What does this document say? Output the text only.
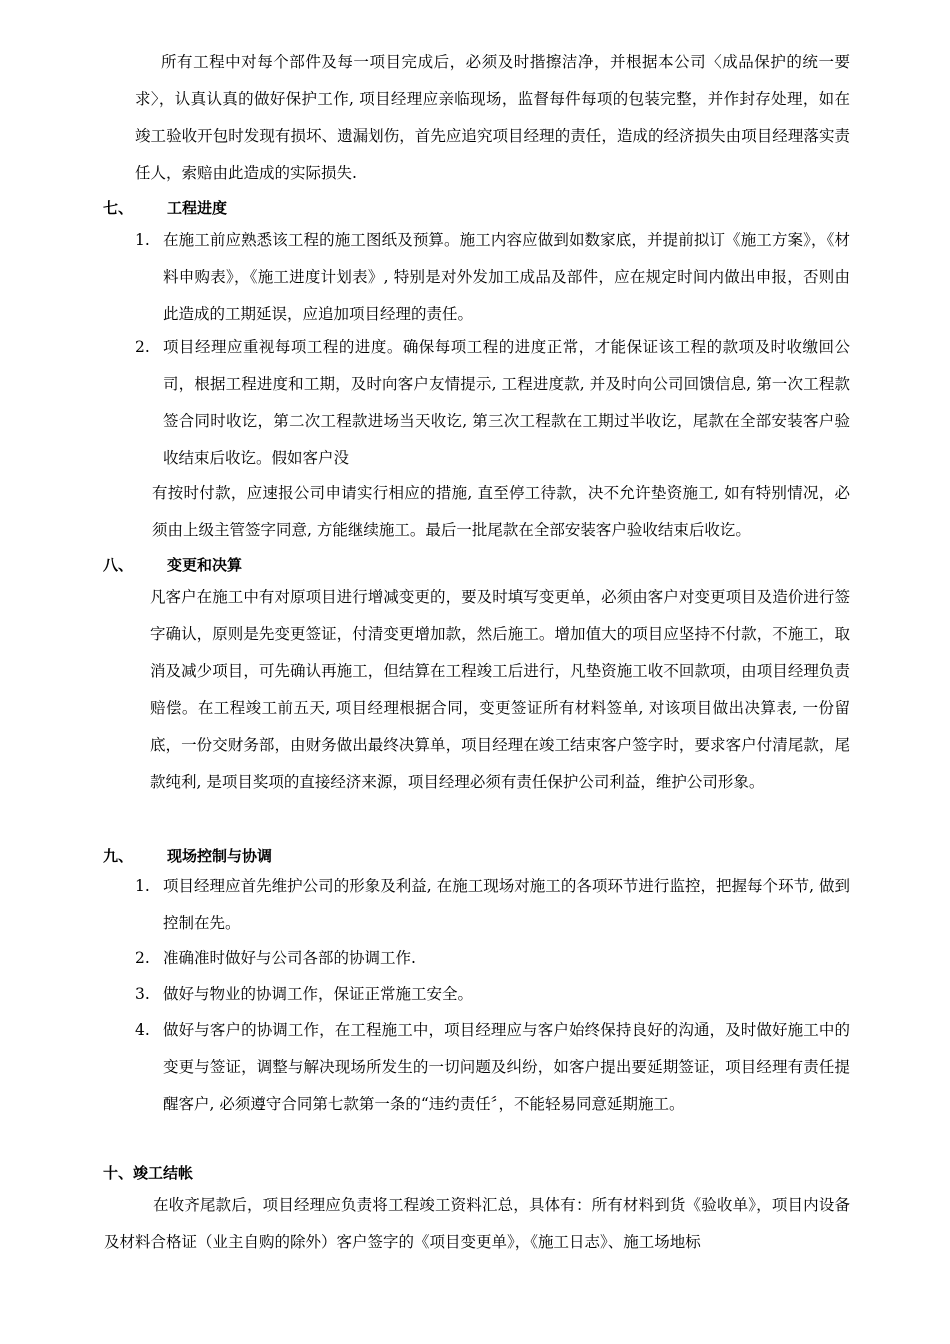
所有工程中对每个部件及每一项目完成后，必须及时揩擦洁净，并根据本公司〈成品保护的统一要求〉，认真认真的做好保护工作, 项目经理应亲临现场，监督每件每项的包装完整，并作封存处理，如在竣工验收开包时发现有损坏、遗漏划伤，首先应追究项目经理的责任，造成的经济损失由项目经理落实责任人，索赔由此造成的实际损失.
七、 工程进度
1. 在施工前应熟悉该工程的施工图纸及预算。施工内容应做到如数家底，并提前拟订《施工方案》，《材料申购表》，《施工进度计划表》, 特别是对外发加工成品及部件，应在规定时间内做出申报，否则由此造成的工期延误，应追加项目经理的责任。
2. 项目经理应重视每项工程的进度。确保每项工程的进度正常，才能保证该工程的款项及时收缴回公司，根据工程进度和工期，及时向客户友情提示, 工程进度款, 并及时向公司回馈信息, 第一次工程款签合同时收讫，第二次工程款进场当天收讫, 第三次工程款在工期过半收讫，尾款在全部安装客户验收结束后收讫。假如客户没
有按时付款，应速报公司申请实行相应的措施, 直至停工待款，决不允许垫资施工, 如有特别情况，必须由上级主管签字同意, 方能继续施工。最后一批尾款在全部安装客户验收结束后收讫。
八、 变更和决算
凡客户在施工中有对原项目进行增减变更的，要及时填写变更单，必须由客户对变更项目及造价进行签字确认，原则是先变更签证，付清变更增加款，然后施工。增加值大的项目应坚持不付款，不施工，取消及减少项目，可先确认再施工，但结算在工程竣工后进行，凡垫资施工收不回款项，由项目经理负责赔偿。在工程竣工前五天, 项目经理根据合同，变更签证所有材料签单, 对该项目做出决算表, 一份留底，一份交财务部，由财务做出最终决算单，项目经理在竣工结束客户签字时，要求客户付清尾款，尾款纯利, 是项目奖项的直接经济来源，项目经理必须有责任保护公司利益，维护公司形象。
九、 现场控制与协调
1. 项目经理应首先维护公司的形象及利益, 在施工现场对施工的各项环节进行监控，把握每个环节, 做到控制在先。
2. 准确准时做好与公司各部的协调工作.
3. 做好与物业的协调工作，保证正常施工安全。
4. 做好与客户的协调工作，在工程施工中，项目经理应与客户始终保持良好的沟通，及时做好施工中的变更与签证，调整与解决现场所发生的一切问题及纠纷，如客户提出要延期签证，项目经理有责任提醒客户, 必须遵守合同第七款第一条的“违约责任〞，不能轻易同意延期施工。
十、竣工结帐
在收齐尾款后，项目经理应负责将工程竣工资料汇总，具体有：所有材料到货《验收单》，项目内设备及材料合格证（业主自购的除外）客户签字的《项目变更单》，《施工日志》、施工场地标
